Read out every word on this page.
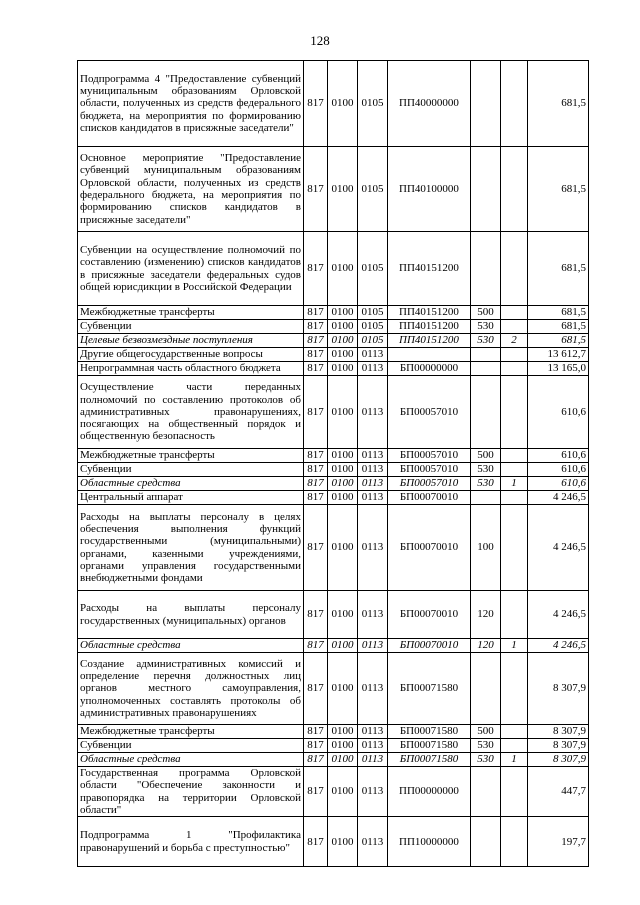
128
Подпрограмма 4 "Предоставление субвенций муниципальным образованиям Орловской области, полученных из средств федерального бюджета, на мероприятия по формированию списков кандидатов в присяжные заседатели"	817	0100	0105	ПП40000000			681,5
Основное мероприятие "Предоставление субвенций муниципальным образованиям Орловской области, полученных из средств федерального бюджета, на мероприятия по формированию списков кандидатов в присяжные заседатели"	817	0100	0105	ПП40100000			681,5
Субвенции на осуществление полномочий по составлению (изменению) списков кандидатов в присяжные заседатели федеральных судов общей юрисдикции в Российской Федерации	817	0100	0105	ПП40151200			681,5
Межбюджетные трансферты	817	0100	0105	ПП40151200	500		681,5
Субвенции	817	0100	0105	ПП40151200	530		681,5
Целевые безвозмездные поступления	817	0100	0105	ПП40151200	530	2	681,5
Другие общегосударственные вопросы	817	0100	0113				13 612,7
Непрограммная часть областного бюджета	817	0100	0113	БП00000000			13 165,0
Осуществление части переданных полномочий по составлению протоколов об административных правонарушениях, посягающих на общественный порядок и общественную безопасность	817	0100	0113	БП00057010			610,6
Межбюджетные трансферты	817	0100	0113	БП00057010	500		610,6
Субвенции	817	0100	0113	БП00057010	530		610,6
Областные средства	817	0100	0113	БП00057010	530	1	610,6
Центральный аппарат	817	0100	0113	БП00070010			4 246,5
Расходы на выплаты персоналу в целях обеспечения выполнения функций государственными (муниципальными) органами, казенными учреждениями, органами управления государственными внебюджетными фондами	817	0100	0113	БП00070010	100		4 246,5
Расходы на выплаты персоналу государственных (муниципальных) органов	817	0100	0113	БП00070010	120		4 246,5
Областные средства	817	0100	0113	БП00070010	120	1	4 246,5
Создание административных комиссий и определение перечня должностных лиц органов местного самоуправления, уполномоченных составлять протоколы об административных правонарушениях	817	0100	0113	БП00071580			8 307,9
Межбюджетные трансферты	817	0100	0113	БП00071580	500		8 307,9
Субвенции	817	0100	0113	БП00071580	530		8 307,9
Областные средства	817	0100	0113	БП00071580	530	1	8 307,9
Государственная программа Орловской области "Обеспечение законности и правопорядка на территории Орловской области"	817	0100	0113	ПП00000000			447,7
Подпрограмма 1 "Профилактика правонарушений и борьба с преступностью"	817	0100	0113	ПП10000000			197,7
